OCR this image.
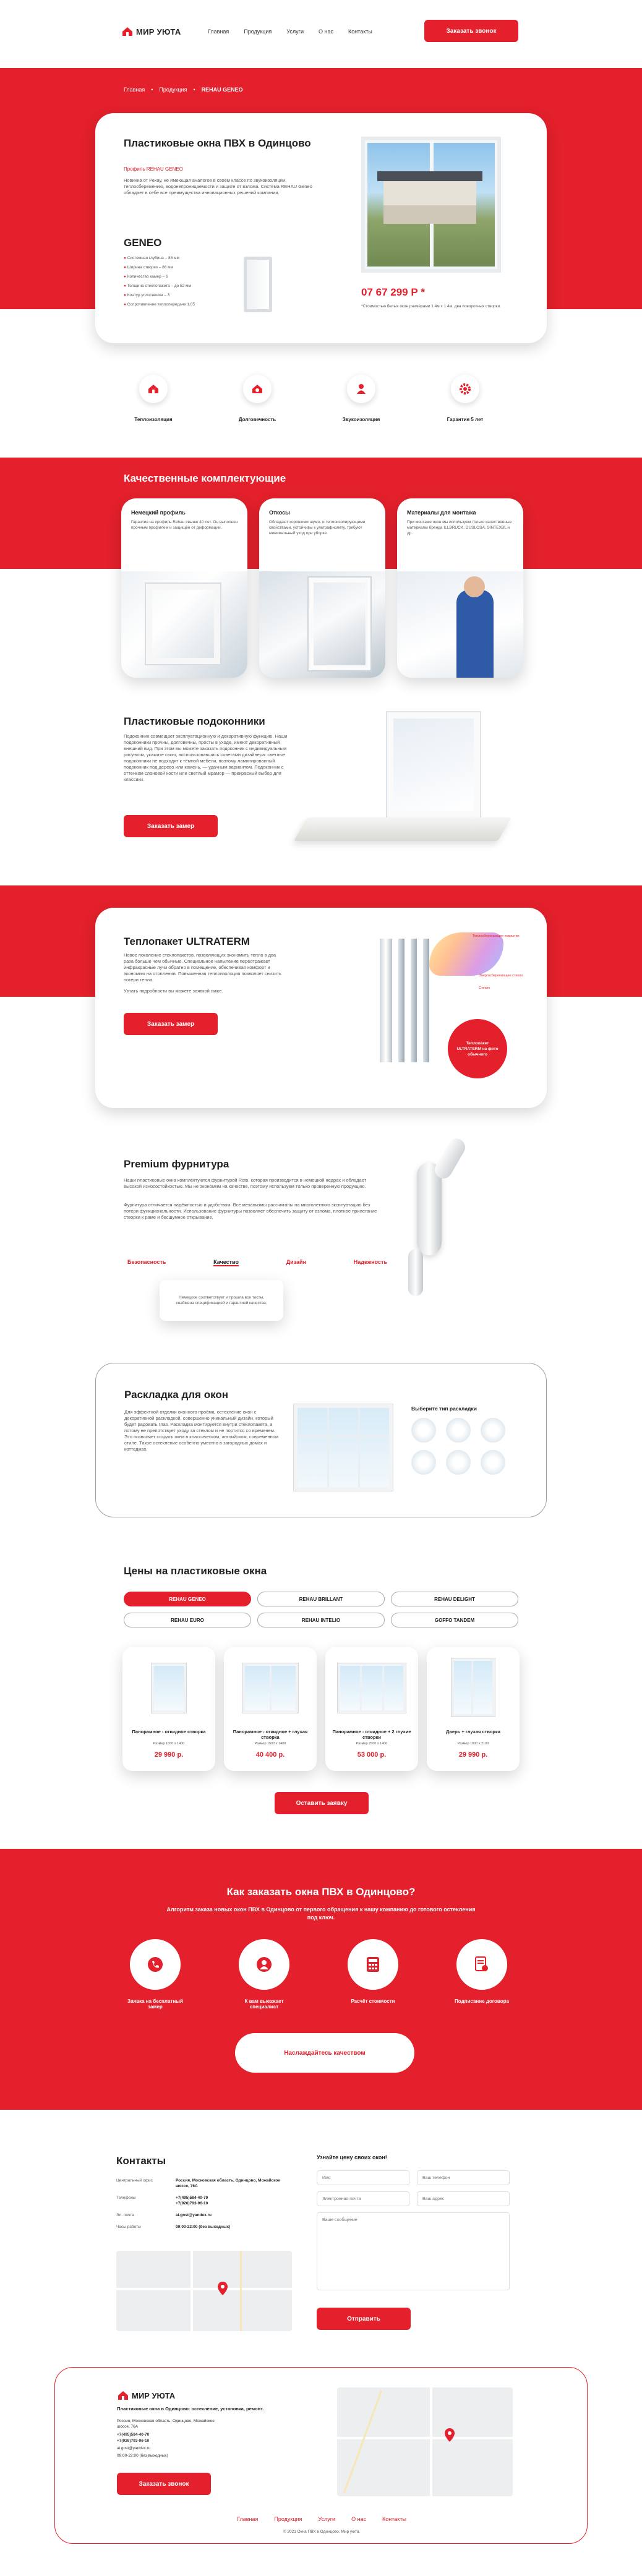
МИР УЮТА	Главная	Продукция	Услуги	О нас	Контакты	Заказать звонок
Главная • Продукция • REHAU GENEO
Пластиковые окна ПВХ в Одинцово
Профиль REHAU GENEO
Новинка от Рехау, не имеющая аналогов в своём классе по звукоизоляции, теплосбережению, водонепроницаемости и защите от взлома. Система REHAU Geneo обладает в себе все преимущества инновационных решений компании.
GENEO
● Системная глубина – 86 мм
● Ширина створки – 86 мм
● Количество камер – 6
● Толщина стеклопакета – до 52 мм
● Контур уплотнения – 3
● Сопротивление теплопередаче 1,05
07 67 299 Р *
*Стоимостью белых окон размерами 1.4м x 1.4м, два поворотных створки.
Теплоизоляция	Долговечность	Звукоизоляция	Гарантия 5 лет
Качественные комплектующие
Немецкий профиль
Гарантия на профиль Rehau свыше 40 лет. Он выполнен прочным профилем и защищён от деформации.
Откосы
Обладают хорошими шумо- и теплоизолирующими свойствами, устойчивы к ультрафиолету, требуют минимальный уход при уборке.
Материалы для монтажа
При монтаже окон мы используем только качественные материалы бренда ILLBRUCK, DUSLOSA, SINTEXBL и др.
Пластиковые подоконники
Подоконник совмещает эксплуатационную и декоративную функцию. Наши подоконники прочны, долговечны, просты в уходе, имеют декоративный внешний вид. При этом вы можете заказать подоконник с индивидуальным рисунком, укажите свою, воспользовавшись советами дизайнера: светлые подоконники не подходят к тёмной мебели, поэтому ламинированный подоконник под дерево или камень, — удачным вариантом. Подоконник с оттенком слоновой кости или светлый мрамор — прекрасный выбор для классики.
Заказать замер
Теплопакет ULTRATERM
Новое поколение стеклопакетов, позволяющих экономить тепло в два раза больше чем обычные. Специальное напыление переотражает инфракрасные лучи обратно в помещение, обеспечивая комфорт и экономию на отоплении. Повышенная теплоизоляция позволяет снизить потери тепла.
Узнать подробности вы можете заявкой ниже.
Заказать замер
Теплосберегающее покрытие
Энергосберегающее стекло
Стекло
Теплопакет ULTRATERM на фото обычного
Premium фурнитура
Наши пластиковые окна комплектуются фурнитурой Roto, которая производится в немецкой недрах и обладает высокой износостойкостью. Мы не экономим на качестве, поэтому используем только проверенную продукцию.
Фурнитура отличается надёжностью и удобством. Все механизмы рассчитаны на многолетнюю эксплуатацию без потери функциональности. Использование фурнитуры позволяет обеспечить защиту от взлома, плотное прилегание створки к раме и бесшумное открывание.
Безопасность	Качество	Дизайн	Надежность
Немецкое соответствует и прошла все тесты, снабжена спецификацией и гарантией качества.
Раскладка для окон
Для эффектной отделки оконного проёма, остекление окон с декоративной раскладкой, совершенно уникальный дизайн, который будет радовать глаз. Раскладка монтируется внутри стеклопакета, а потому не препятствует уходу за стеклом и не портится со временем. Это позволяет создать окна в классическом, английском, современном стиле. Такое остекление особенно уместно в загородных домах и коттеджах.
Выберите тип раскладки
Цены на пластиковые окна
REHAU GENEO	REHAU BRILLANT	REHAU DELIGHT
REHAU EURO	REHAU INTELIO	GOFFO TANDEM
Панорамное - откидное створка
Размер 1600 х 1400
29 990 р.
Панорамное - откидное + глухая створка
Размер 1500 х 1400
40 400 р.
Панорамное - откидное + 2 глухие створки
Размер 2500 х 1400
53 000 р.
Дверь + глухая створка
Размер 1000 х 2100
29 990 р.
Оставить заявку
Как заказать окна ПВХ в Одинцово?
Алгоритм заказа новых окон ПВХ в Одинцово от первого обращения к нашу компанию до готового остекления под ключ.
Заявка на бесплатный замер
К вам выезжает специалист
Расчёт стоимости	Подписание договора
Наслаждайтесь качеством
Контакты
Центральный офис	Россия, Московская область, Одинцово, Можайское шоссе, 76А
Телефоны	+7(495)584-40-70
+7(926)793-96-10
Эл. почта	ai.gost@yandex.ru
Часы работы	09:00-22:00 (без выходных)
Узнайте цену своих окон!
Имя
Ваш телефон
Электронная почта
Ваш адрес
Ваше сообщение
Отправить
МИР УЮТА
Пластиковые окна в Одинцово: остекление, установка, ремонт.
Россия, Московская область, Одинцово, Можайское шоссе, 76А
+7(495)584-40-70
+7(926)793-96-10
ai.gost@yandex.ru
09:00-22:00 (без выходных)
Заказать звонок
Главная	Продукция	Услуги	О нас	Контакты
© 2021 Окна ПВХ в Одинцово. Мир уюта.
